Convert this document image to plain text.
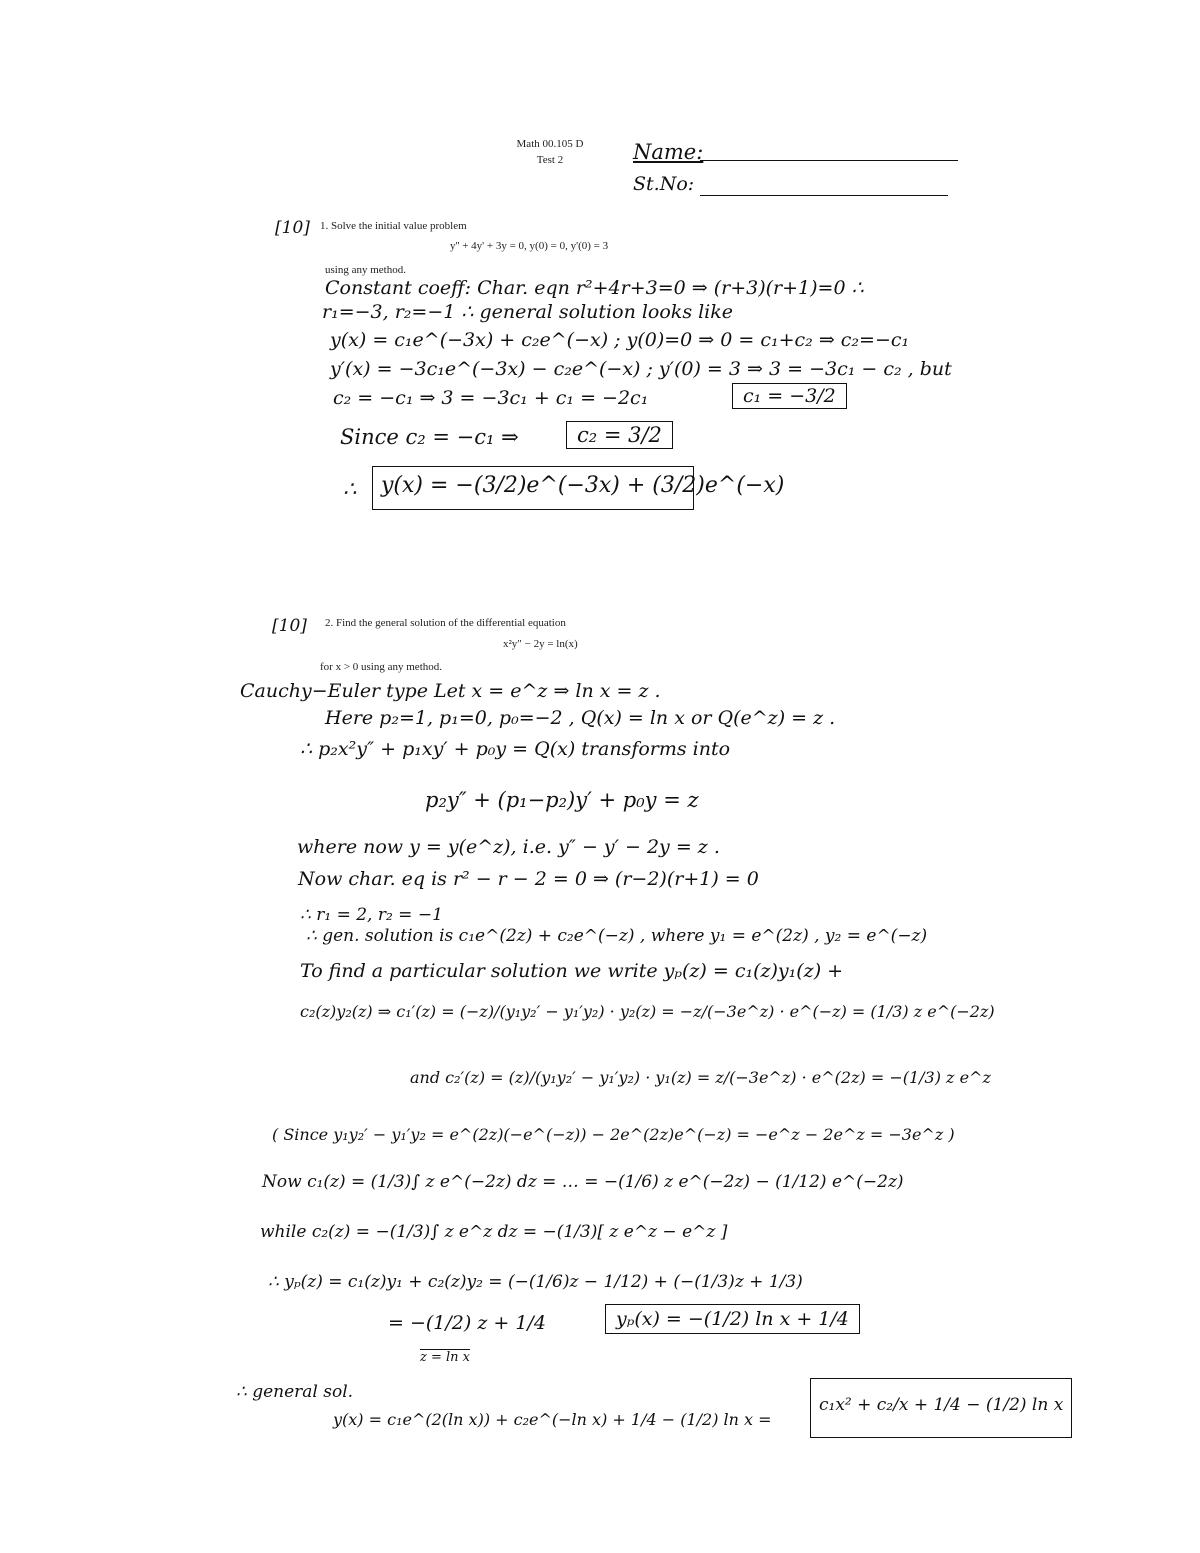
Math 00.105 D
Test 2	Name:
St.No:
[10] 1. Solve the initial value problem
y'' + 4y' + 3y = 0, y(0) = 0, y'(0) = 3
using any method.
Constant coeff: Char. eqn r²+4r+3=0 ⇒ (r+3)(r+1)=0 ∴
r₁=−3, r₂=−1 ∴ general solution looks like
y(x) = c₁e^(−3x) + c₂e^(−x) ; y(0)=0 ⇒ 0 = c₁+c₂ ⇒ c₂=−c₁
y′(x) = −3c₁e^(−3x) − c₂e^(−x) ; y′(0) = 3 ⇒ 3 = −3c₁ − c₂ , but
c₂ = −c₁ ⇒ 3 = −3c₁ + c₁ = −2c₁	c₁ = −3/2
Since c₂ = −c₁ ⇒	c₂ = 3/2
∴	y(x) = −(3/2)e^(−3x) + (3/2)e^(−x)
[10] 2. Find the general solution of the differential equation
x²y″ − 2y = ln(x)
for x > 0 using any method.
Cauchy−Euler type Let x = e^z ⇒ ln x = z .
Here p₂=1, p₁=0, p₀=−2 , Q(x) = ln x or Q(e^z) = z .
∴ p₂x²y″ + p₁xy′ + p₀y = Q(x) transforms into
p₂y″ + (p₁−p₂)y′ + p₀y = z
where now y = y(e^z), i.e. y″ − y′ − 2y = z .
Now char. eq is r² − r − 2 = 0 ⇒ (r−2)(r+1) = 0
∴ r₁ = 2, r₂ = −1
∴ gen. solution is c₁e^(2z) + c₂e^(−z) , where y₁ = e^(2z) , y₂ = e^(−z)
To find a particular solution we write yₚ(z) = c₁(z)y₁(z) +
c₂(z)y₂(z) ⇒ c₁′(z) = (−z)/(y₁y₂′ − y₁′y₂) · y₂(z) = −z/(−3e^z) · e^(−z) = (1/3) z e^(−2z)
and c₂′(z) = (z)/(y₁y₂′ − y₁′y₂) · y₁(z) = z/(−3e^z) · e^(2z) = −(1/3) z e^z
( Since y₁y₂′ − y₁′y₂ = e^(2z)(−e^(−z)) − 2e^(2z)e^(−z) = −e^z − 2e^z = −3e^z )
Now c₁(z) = (1/3)∫ z e^(−2z) dz = … = −(1/6) z e^(−2z) − (1/12) e^(−2z)
while c₂(z) = −(1/3)∫ z e^z dz = −(1/3)[ z e^z − e^z ]
∴ yₚ(z) = c₁(z)y₁ + c₂(z)y₂ = (−(1/6)z − 1/12) + (−(1/3)z + 1/3)
= −(1/2) z + 1/4	yₚ(x) = −(1/2) ln x + 1/4
z = ln x
∴ general sol.
y(x) = c₁e^(2(ln x)) + c₂e^(−ln x) + 1/4 − (1/2) ln x =
c₁x² + c₂/x + 1/4 − (1/2) ln x
